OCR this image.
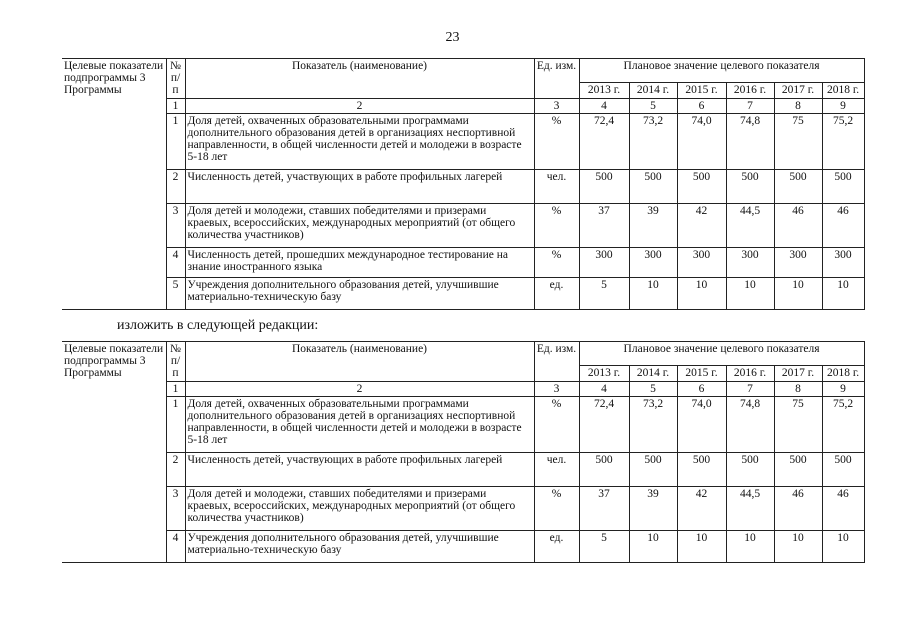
23
Целевые показатели подпрограммы 3 Программы	№ п/п	Показатель (наименование)	Ед. изм.	Плановое значение целевого показателя					
				2013 г.	2014 г.	2015 г.	2016 г.	2017 г.	2018 г.
	1	2	3	4	5	6	7	8	9
	1	Доля детей, охваченных образовательными программами дополнительного образования детей в организациях неспортивной направленности, в общей численности детей и молодежи в возрасте 5-18 лет	%	72,4	73,2	74,0	74,8	75	75,2
	2	Численность детей, участвующих в работе профильных лагерей	чел.	500	500	500	500	500	500
	3	Доля детей и молодежи, ставших победителями и призерами краевых, всероссийских, международных мероприятий (от общего количества участников)	%	37	39	42	44,5	46	46
	4	Численность детей, прошедших международное тестирование на знание иностранного языка	%	300	300	300	300	300	300
	5	Учреждения дополнительного образования детей, улучшившие материально-техническую базу	ед.	5	10	10	10	10	10
изложить в следующей редакции:
Целевые показатели подпрограммы 3 Программы	№ п/п	Показатель (наименование)	Ед. изм.	Плановое значение целевого показателя					
				2013 г.	2014 г.	2015 г.	2016 г.	2017 г.	2018 г.
	1	2	3	4	5	6	7	8	9
	1	Доля детей, охваченных образовательными программами дополнительного образования детей в организациях неспортивной направленности, в общей численности детей и молодежи в возрасте 5-18 лет	%	72,4	73,2	74,0	74,8	75	75,2
	2	Численность детей, участвующих в работе профильных лагерей	чел.	500	500	500	500	500	500
	3	Доля детей и молодежи, ставших победителями и призерами краевых, всероссийских, международных мероприятий (от общего количества участников)	%	37	39	42	44,5	46	46
	4	Учреждения дополнительного образования детей, улучшившие материально-техническую базу	ед.	5	10	10	10	10	10
